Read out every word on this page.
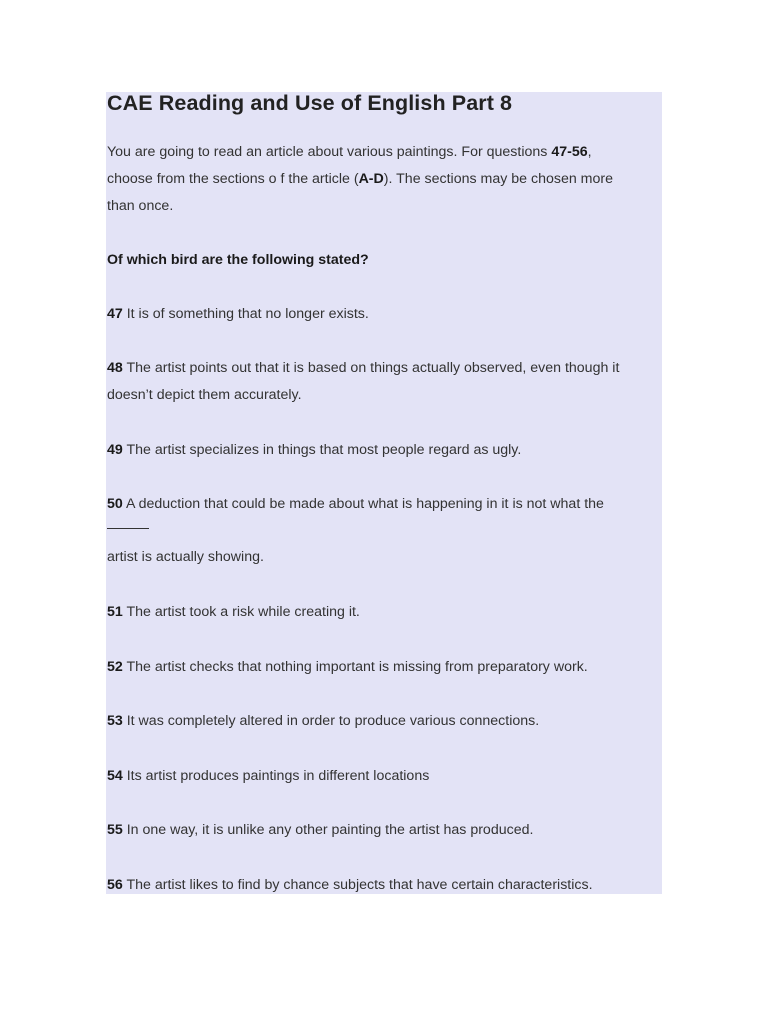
CAE Reading and Use of English Part 8
You are going to read an article about various paintings. For questions 47-56,
choose from the sections o f the article (A-D). The sections may be chosen more
than once.
Of which bird are the following stated?
47 It is of something that no longer exists.
48 The artist points out that it is based on things actually observed, even though it
doesn’t depict them accurately.
49 The artist specializes in things that most people regard as ugly.
50 A deduction that could be made about what is happening in it is not what the
artist is actually showing.
51 The artist took a risk while creating it.
52 The artist checks that nothing important is missing from preparatory work.
53 It was completely altered in order to produce various connections.
54 Its artist produces paintings in different locations
55 In one way, it is unlike any other painting the artist has produced.
56 The artist likes to find by chance subjects that have certain characteristics.
